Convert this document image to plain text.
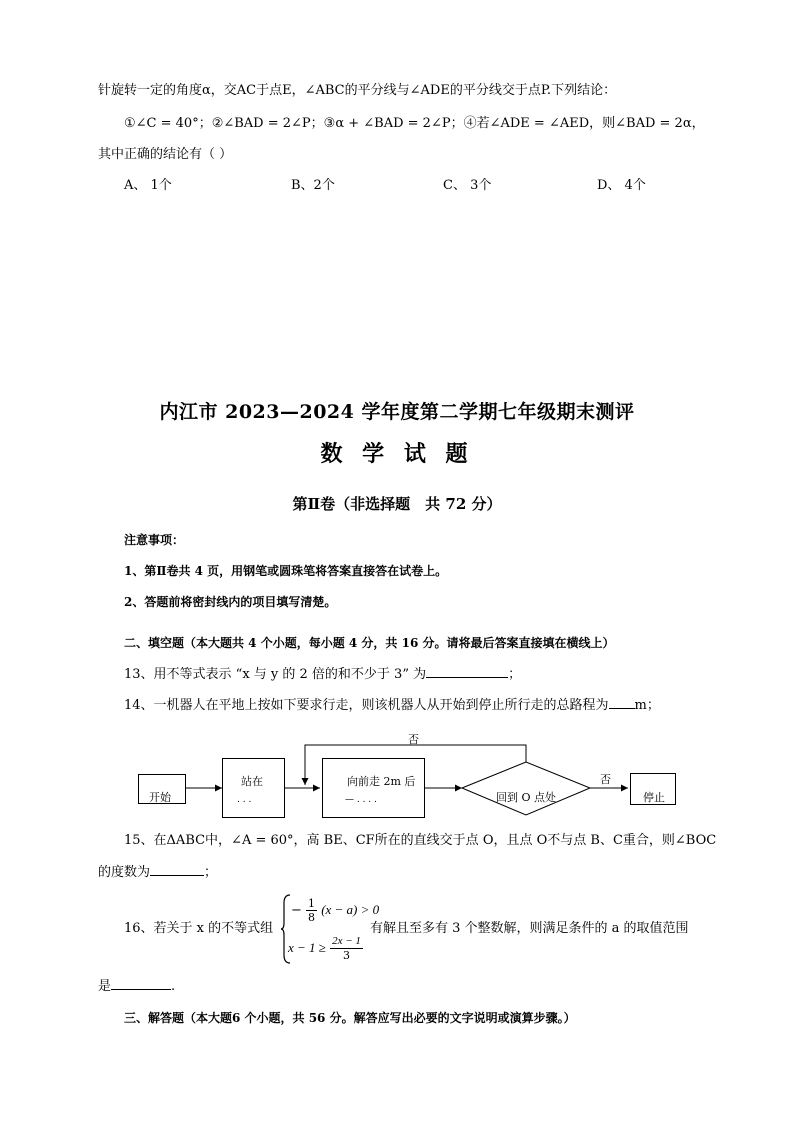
针旋转一定的角度α，交AC于点E，∠ABC的平分线与∠ADE的平分线交于点P.下列结论：
①∠C = 40°；②∠BAD = 2∠P；③α + ∠BAD = 2∠P；④若∠ADE = ∠AED，则∠BAD = 2α，
其中正确的结论有（ ）
A、 1个	B、2个	C、 3个	D、 4个
内江市 2023—2024 学年度第二学期七年级期末测评
数 学 试 题
第Ⅱ卷（非选择题　共 72 分）
注意事项：
1、第Ⅱ卷共 4 页，用钢笔或圆珠笔将答案直接答在试卷上。
2、答题前将密封线内的项目填写清楚。
二、填空题（本大题共 4 个小题，每小题 4 分，共 16 分。请将最后答案直接填在横线上）
13、用不等式表示 “x 与 y 的 2 倍的和不少于 3” 为	；
14、一机器人在平地上按如下要求行走，则该机器人从开始到停止所行走的总路程为 m；
开始
站在
. . .
向前走 2m 后
— . . . .	回到 O 点处	停止
否
否
15、在ΔABC中，∠A = 60°，高 BE、CF所在的直线交于点 O，且点 O不与点 B、C重合，则∠BOC
的度数为	；
16、若关于 x 的不等式组
− $\frac{1}{8} (x - a) > 0$
$x - 1 \ge \frac{2x - 1}{3}$
有解且至多有 3 个整数解，则满足条件的 a 的取值范围
是	.
三、解答题（本大题6 个小题，共 56 分。解答应写出必要的文字说明或演算步骤。）
